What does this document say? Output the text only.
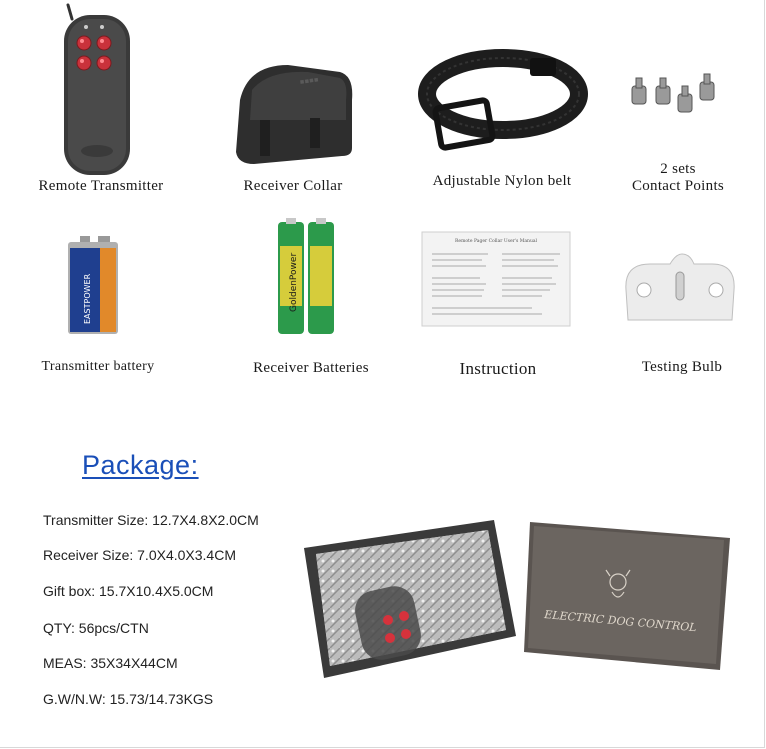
Remote Transmitter
▪▪▪▪
Receiver Collar	Adjustable Nylon belt
2 sets
Contact Points
EASTPOWER
Transmitter battery
GoldenPower
Receiver Batteries
Remote Pager Collar User's Manual
Instruction	Testing Bulb
Package:
Transmitter Size: 12.7X4.8X2.0CM
Receiver Size: 7.0X4.0X3.4CM
Gift box: 15.7X10.4X5.0CM
QTY: 56pcs/CTN
MEAS: 35X34X44CM
G.W/N.W: 15.73/14.73KGS
ELECTRIC DOG CONTROL
